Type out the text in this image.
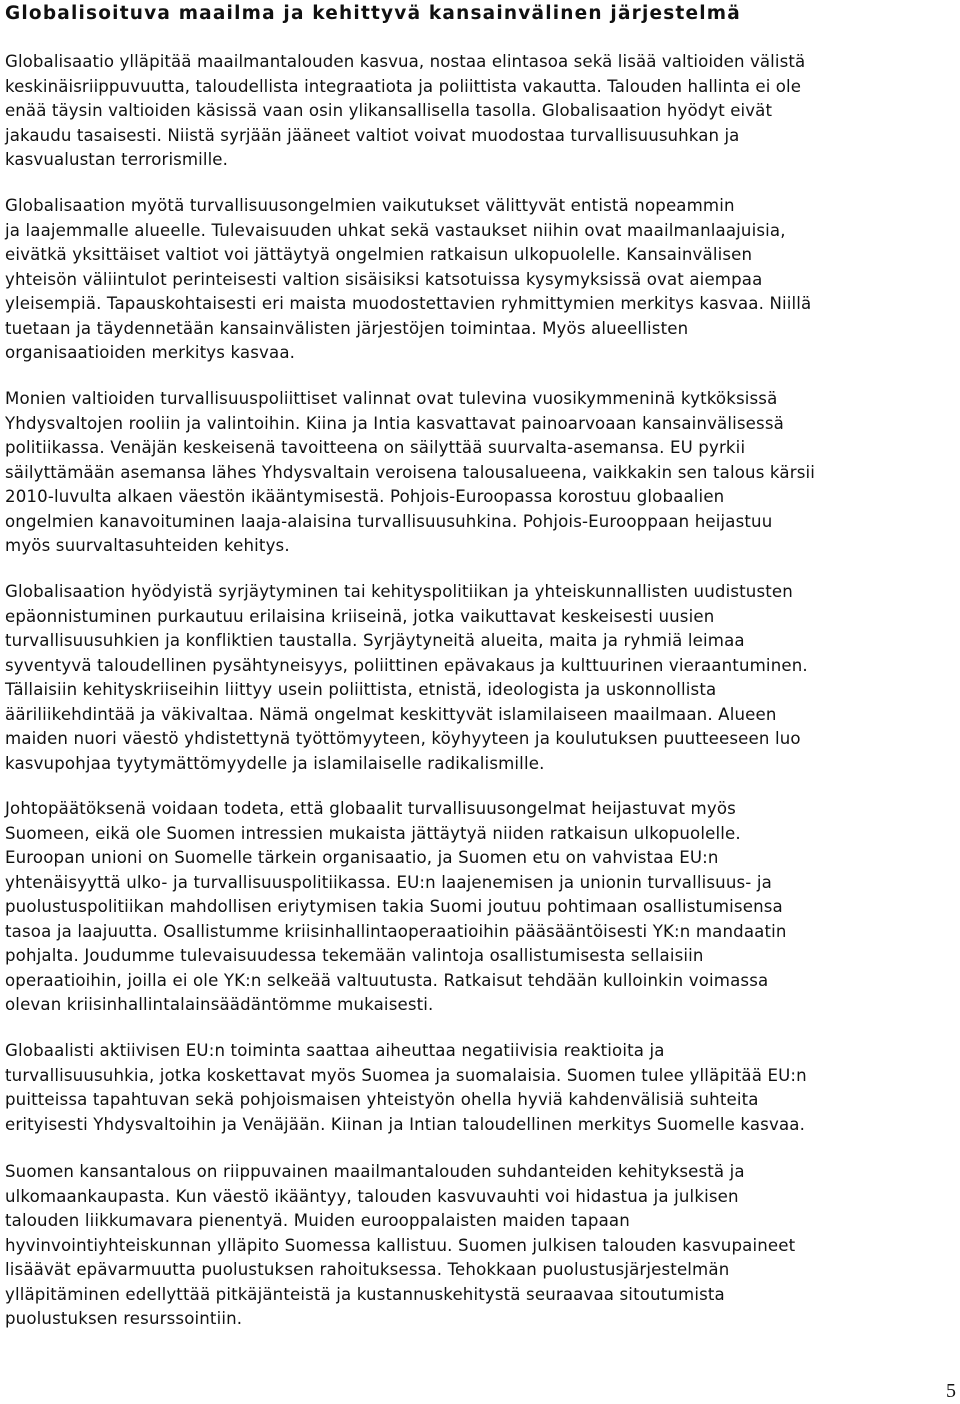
Globalisoituva maailma ja kehittyvä kansainvälinen järjestelmä

Globalisaatio ylläpitää maailmantalouden kasvua, nostaa elintasoa sekä lisää valtioiden välistä
keskinäisriippuvuutta, taloudellista integraatiota ja poliittista vakautta. Talouden hallinta ei ole
enää täysin valtioiden käsissä vaan osin ylikansallisella tasolla. Globalisaation hyödyt eivät
jakaudu tasaisesti. Niistä syrjään jääneet valtiot voivat muodostaa turvallisuusuhkan ja
kasvualustan terrorismille.

Globalisaation myötä turvallisuusongelmien vaikutukset välittyvät entistä nopeammin
ja laajemmalle alueelle. Tulevaisuuden uhkat sekä vastaukset niihin ovat maailmanlaajuisia,
eivätkä yksittäiset valtiot voi jättäytyä ongelmien ratkaisun ulkopuolelle. Kansainvälisen
yhteisön väliintulot perinteisesti valtion sisäisiksi katsotuissa kysymyksissä ovat aiempaa
yleisempiä. Tapauskohtaisesti eri maista muodostettavien ryhmittymien merkitys kasvaa. Niillä
tuetaan ja täydennetään kansainvälisten järjestöjen toimintaa. Myös alueellisten
organisaatioiden merkitys kasvaa.

Monien valtioiden turvallisuuspoliittiset valinnat ovat tulevina vuosikymmeninä kytköksissä
Yhdysvaltojen rooliin ja valintoihin. Kiina ja Intia kasvattavat painoarvoaan kansainvälisessä
politiikassa. Venäjän keskeisenä tavoitteena on säilyttää suurvalta-asemansa. EU pyrkii
säilyttämään asemansa lähes Yhdysvaltain veroisena talousalueena, vaikkakin sen talous kärsii
2010-luvulta alkaen väestön ikääntymisestä. Pohjois-Euroopassa korostuu globaalien
ongelmien kanavoituminen laaja-alaisina turvallisuusuhkina. Pohjois-Eurooppaan heijastuu
myös suurvaltasuhteiden kehitys.

Globalisaation hyödyistä syrjäytyminen tai kehityspolitiikan ja yhteiskunnallisten uudistusten
epäonnistuminen purkautuu erilaisina kriiseinä, jotka vaikuttavat keskeisesti uusien
turvallisuusuhkien ja konfliktien taustalla. Syrjäytyneitä alueita, maita ja ryhmiä leimaa
syventyvä taloudellinen pysähtyneisyys, poliittinen epävakaus ja kulttuurinen vieraantuminen.
Tällaisiin kehityskriiseihin liittyy usein poliittista, etnistä, ideologista ja uskonnollista
ääriliikehdintää ja väkivaltaa. Nämä ongelmat keskittyvät islamilaiseen maailmaan. Alueen
maiden nuori väestö yhdistettynä työttömyyteen, köyhyyteen ja koulutuksen puutteeseen luo
kasvupohjaa tyytymättömyydelle ja islamilaiselle radikalismille.

Johtopäätöksenä voidaan todeta, että globaalit turvallisuusongelmat heijastuvat myös
Suomeen, eikä ole Suomen intressien mukaista jättäytyä niiden ratkaisun ulkopuolelle.
Euroopan unioni on Suomelle tärkein organisaatio, ja Suomen etu on vahvistaa EU:n
yhtenäisyyttä ulko- ja turvallisuuspolitiikassa. EU:n laajenemisen ja unionin turvallisuus- ja
puolustuspolitiikan mahdollisen eriytymisen takia Suomi joutuu pohtimaan osallistumisensa
tasoa ja laajuutta. Osallistumme kriisinhallintaoperaatioihin pääsääntöisesti YK:n mandaatin
pohjalta. Joudumme tulevaisuudessa tekemään valintoja osallistumisesta sellaisiin
operaatioihin, joilla ei ole YK:n selkeää valtuutusta. Ratkaisut tehdään kulloinkin voimassa
olevan kriisinhallintalainsäädäntömme mukaisesti.

Globaalisti aktiivisen EU:n toiminta saattaa aiheuttaa negatiivisia reaktioita ja
turvallisuusuhkia, jotka koskettavat myös Suomea ja suomalaisia. Suomen tulee ylläpitää EU:n
puitteissa tapahtuvan sekä pohjoismaisen yhteistyön ohella hyviä kahdenvälisiä suhteita
erityisesti Yhdysvaltoihin ja Venäjään. Kiinan ja Intian taloudellinen merkitys Suomelle kasvaa.

Suomen kansantalous on riippuvainen maailmantalouden suhdanteiden kehityksestä ja
ulkomaankaupasta. Kun väestö ikääntyy, talouden kasvuvauhti voi hidastua ja julkisen
talouden liikkumavara pienentyä. Muiden eurooppalaisten maiden tapaan
hyvinvointiyhteiskunnan ylläpito Suomessa kallistuu. Suomen julkisen talouden kasvupaineet
lisäävät epävarmuutta puolustuksen rahoituksessa. Tehokkaan puolustusjärjestelmän
ylläpitäminen edellyttää pitkäjänteistä ja kustannuskehitystä seuraavaa sitoutumista
puolustuksen resurssointiin.

5
